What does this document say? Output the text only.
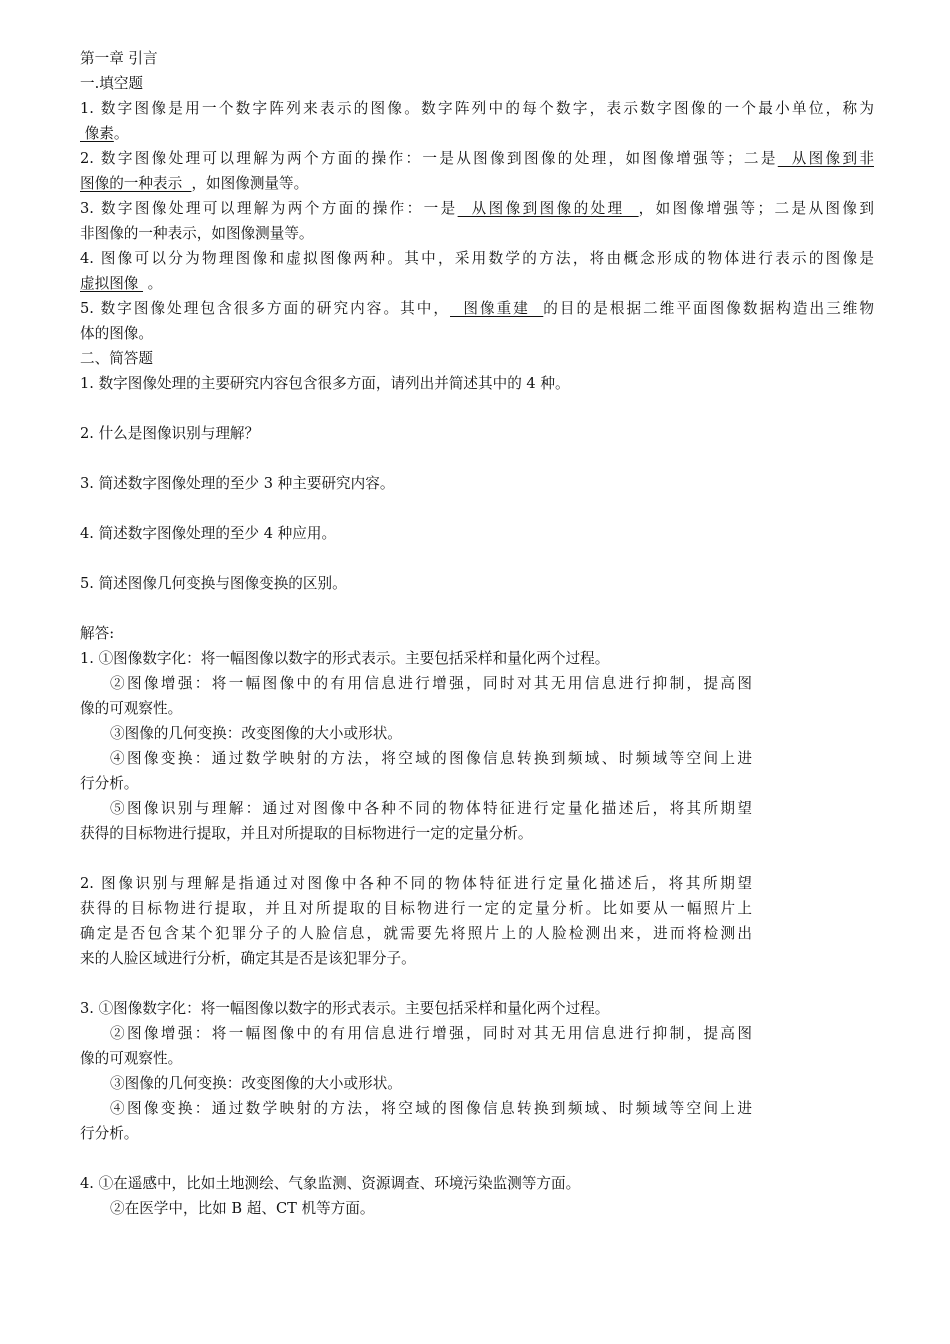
第一章 引言
一.填空题
1. 数字图像是用一个数字阵列来表示的图像。数字阵列中的每个数字，表示数字图像的一个最小单位，称为
像素。
2. 数字图像处理可以理解为两个方面的操作：一是从图像到图像的处理，如图像增强等；二是  从图像到非
图像的一种表示  ，如图像测量等。
3. 数字图像处理可以理解为两个方面的操作：一是  从图像到图像的处理  ，如图像增强等；二是从图像到
非图像的一种表示，如图像测量等。
4. 图像可以分为物理图像和虚拟图像两种。其中，采用数学的方法，将由概念形成的物体进行表示的图像是
虚拟图像  。
5. 数字图像处理包含很多方面的研究内容。其中，  图像重建  的目的是根据二维平面图像数据构造出三维物
体的图像。
二、简答题
1. 数字图像处理的主要研究内容包含很多方面，请列出并简述其中的 4 种。
2. 什么是图像识别与理解？
3. 简述数字图像处理的至少 3 种主要研究内容。
4. 简述数字图像处理的至少 4 种应用。
5. 简述图像几何变换与图像变换的区别。
解答:
1. ①图像数字化：将一幅图像以数字的形式表示。主要包括采样和量化两个过程。
②图像增强：将一幅图像中的有用信息进行增强，同时对其无用信息进行抑制，提高图
像的可观察性。
③图像的几何变换：改变图像的大小或形状。
④图像变换：通过数学映射的方法，将空域的图像信息转换到频域、时频域等空间上进
行分析。
⑤图像识别与理解：通过对图像中各种不同的物体特征进行定量化描述后，将其所期望
获得的目标物进行提取，并且对所提取的目标物进行一定的定量分析。
2. 图像识别与理解是指通过对图像中各种不同的物体特征进行定量化描述后，将其所期望
获得的目标物进行提取，并且对所提取的目标物进行一定的定量分析。比如要从一幅照片上
确定是否包含某个犯罪分子的人脸信息，就需要先将照片上的人脸检测出来，进而将检测出
来的人脸区域进行分析，确定其是否是该犯罪分子。
3. ①图像数字化：将一幅图像以数字的形式表示。主要包括采样和量化两个过程。
②图像增强：将一幅图像中的有用信息进行增强，同时对其无用信息进行抑制，提高图
像的可观察性。
③图像的几何变换：改变图像的大小或形状。
④图像变换：通过数学映射的方法，将空域的图像信息转换到频域、时频域等空间上进
行分析。
4. ①在遥感中，比如土地测绘、气象监测、资源调查、环境污染监测等方面。
②在医学中，比如 B 超、CT 机等方面。
